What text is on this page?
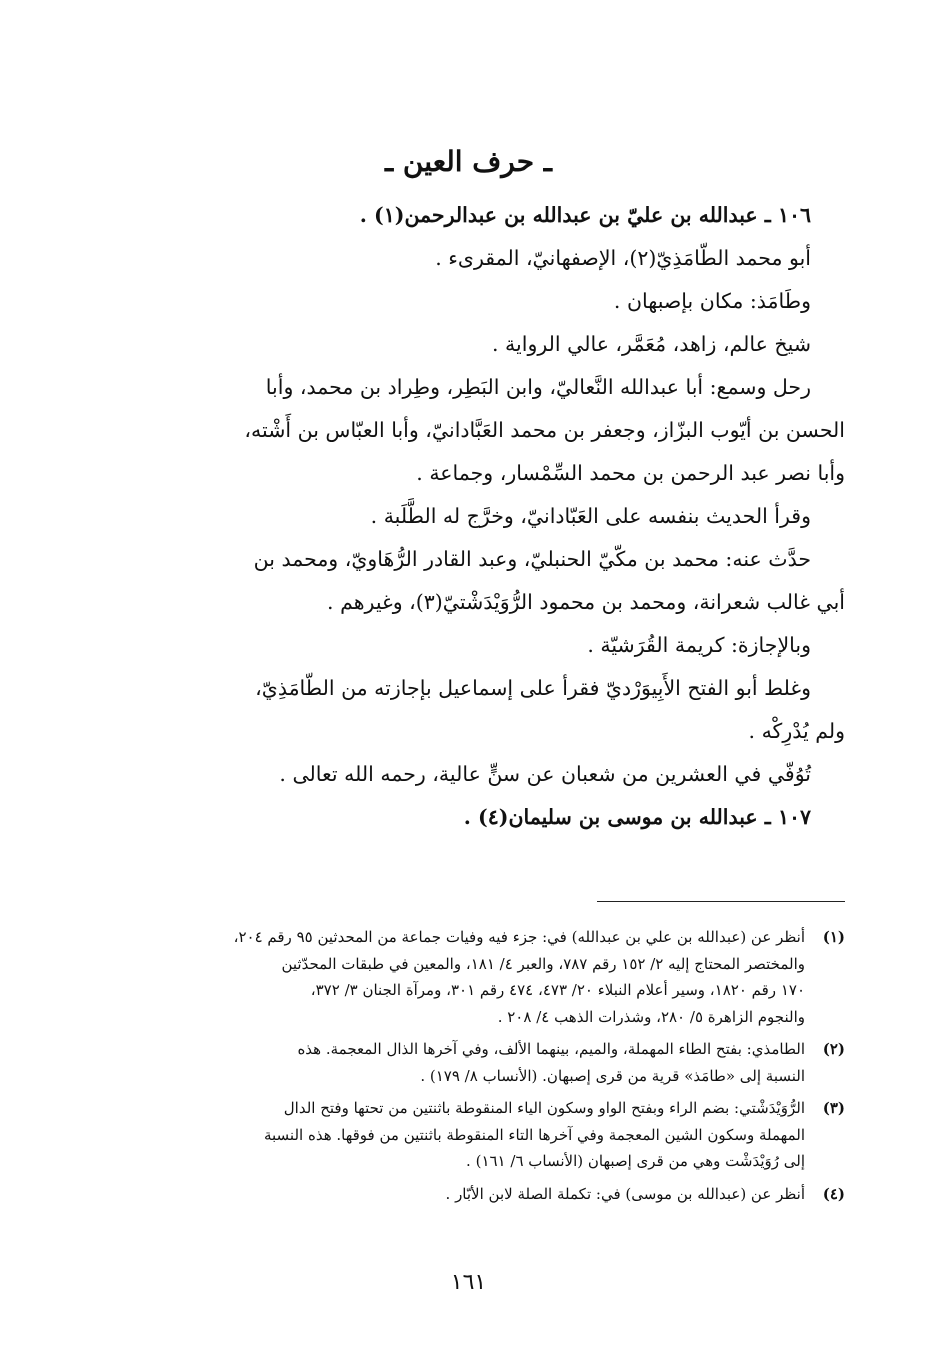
ـ حرف العين ـ
١٠٦ ـ عبدالله بن عليّ بن عبدالله بن عبدالرحمن(١) .
أبو محمد الطّامَذِيّ(٢)، الإصفهانيّ، المقرىء .
وطَامَذ: مكان بإصبهان .
شيخ عالم، زاهد، مُعَمَّر، عالي الرواية .
رحل وسمع: أبا عبدالله النَّعاليّ، وابن البَطِر، وطِراد بن محمد، وأبا
الحسن بن أيّوب البزّاز، وجعفر بن محمد العَبَّادانيّ، وأبا العبّاس بن أَشْته،
وأبا نصر عبد الرحمن بن محمد السِّمْسار، وجماعة .
وقرأ الحديث بنفسه على العَبّادانيّ، وخرَّج له الطَّلَبة .
حدَّث عنه: محمد بن مكّيّ الحنبليّ، وعبد القادر الرُّهَاويّ، ومحمد بن
أبي غالب شعرانة، ومحمد بن محمود الرُّوَيْدَشْتيّ(٣)، وغيرهم .
وبالإجازة: كريمة القُرَشيّة .
وغلط أبو الفتح الأَبِيوَرْديّ فقرأ على إسماعيل بإجازته من الطّامَذِيّ،
ولم يُدْرِكْه .
تُوُفّي في العشرين من شعبان عن سنٍّ عالية، رحمه الله تعالى .
١٠٧ ـ عبدالله بن موسى بن سليمان(٤) .
(١)
أنظر عن (عبدالله بن علي بن عبدالله) في: جزء فيه وفيات جماعة من المحدثين ٩٥ رقم ٢٠٤،
والمختصر المحتاج إليه ٢/ ١٥٢ رقم ٧٨٧، والعبر ٤/ ١٨١، والمعين في طبقات المحدّثين
١٧٠ رقم ١٨٢٠، وسير أعلام النبلاء ٢٠/ ٤٧٣، ٤٧٤ رقم ٣٠١، ومرآة الجنان ٣/ ٣٧٢،
والنجوم الزاهرة ٥/ ٢٨٠، وشذرات الذهب ٤/ ٢٠٨ .
(٢)
الطامذي: بفتح الطاء المهملة، والميم، بينهما الألف، وفي آخرها الذال المعجمة. هذه
النسبة إلى «طامَذ» قرية من قرى إصبهان. (الأنساب ٨/ ١٧٩) .
(٣)
الرُّوَيْدَشْتي: بضم الراء وبفتح الواو وسكون الياء المنقوطة باثنتين من تحتها وفتح الدال
المهملة وسكون الشين المعجمة وفي آخرها التاء المنقوطة باثنتين من فوقها. هذه النسبة
إلى رُوَيْدَشْت وهي من قرى إصبهان (الأنساب ٦/ ١٦١) .
(٤)
أنظر عن (عبدالله بن موسى) في: تكملة الصلة لابن الأبّار .
١٦١
